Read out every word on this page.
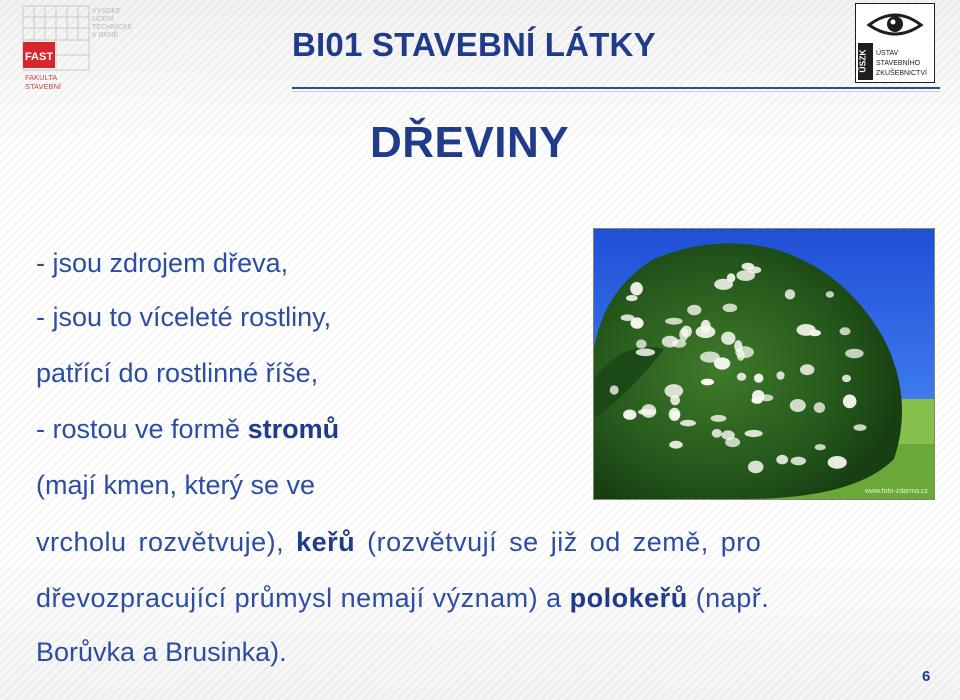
FAST
VYSOKÉ
UČENÍ
TECHNICKÉ
V BRNĚ
FAKULTA
STAVEBNÍ
BI01 STAVEBNÍ LÁTKY	ÚSZK ÚSTAV
STAVEBNÍHO
ZKUŠEBNICTVÍ
DŘEVINY
- jsou zdrojem dřeva,
- jsou to víceleté rostliny,
patřící do rostlinné říše,
- rostou ve formě stromů
(mají kmen, který se ve
vrcholu rozvětvuje), keřů (rozvětvují se již od země, pro
dřevozpracující průmysl nemají význam) a polokeřů (např.
Borůvka a Brusinka).
www.foto-zdarma.cz
6
